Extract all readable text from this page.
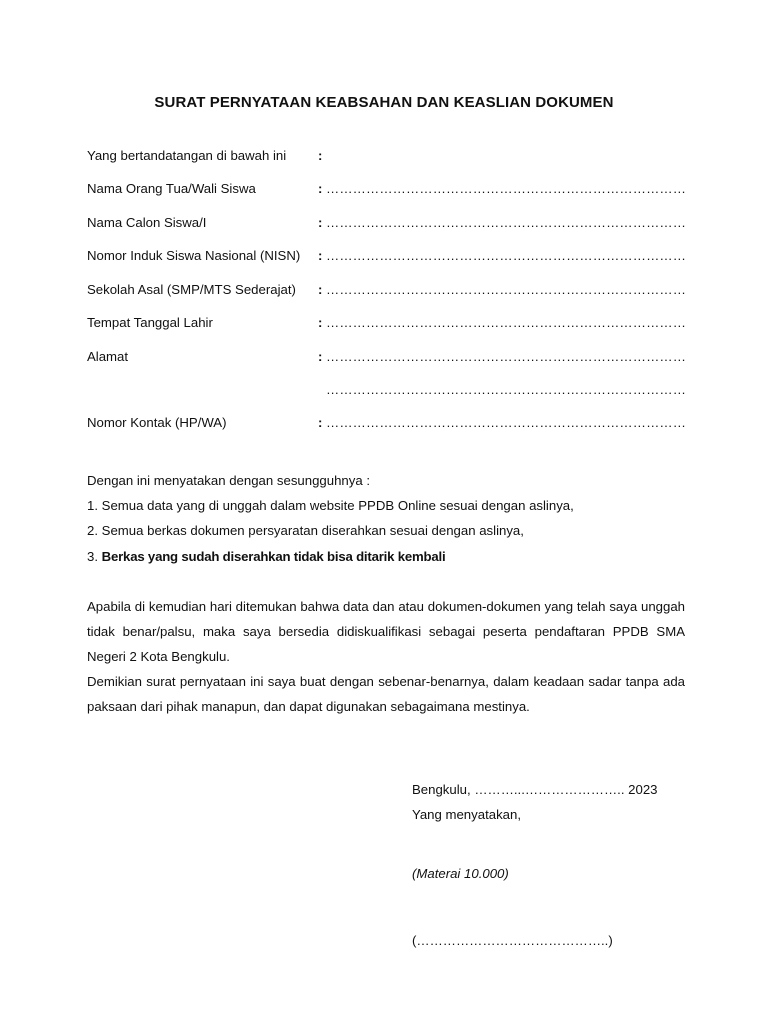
SURAT PERNYATAAN KEABSAHAN DAN KEASLIAN DOKUMEN
Yang bertandatangan di bawah ini :
Nama Orang Tua/Wali Siswa	: ………………………………………………………………………
Nama Calon Siswa/I	: ………………………………………………………………………
Nomor Induk Siswa Nasional (NISN) : ………………………………………………………………………
Sekolah Asal (SMP/MTS Sederajat) : ………………………………………………………………………
Tempat Tanggal Lahir	: ………………………………………………………………………
Alamat	: ………………………………………………………………………
………………………………………………………………………
Nomor Kontak (HP/WA)	: ………………………………………………………………………
Dengan ini menyatakan dengan sesungguhnya :
1. Semua data yang di unggah dalam website PPDB Online sesuai dengan aslinya,
2. Semua berkas dokumen persyaratan diserahkan sesuai dengan aslinya,
3. Berkas yang sudah diserahkan tidak bisa ditarik kembali
Apabila di kemudian hari ditemukan bahwa data dan atau dokumen-dokumen yang telah saya unggah tidak benar/palsu, maka saya bersedia didiskualifikasi sebagai peserta pendaftaran PPDB SMA Negeri 2 Kota Bengkulu.
Demikian surat pernyataan ini saya buat dengan sebenar-benarnya, dalam keadaan sadar tanpa ada paksaan dari pihak manapun, dan dapat digunakan sebagaimana mestinya.
Bengkulu, ………...………………….. 2023
Yang menyatakan,
(Materai 10.000)
(……………………………………..)
